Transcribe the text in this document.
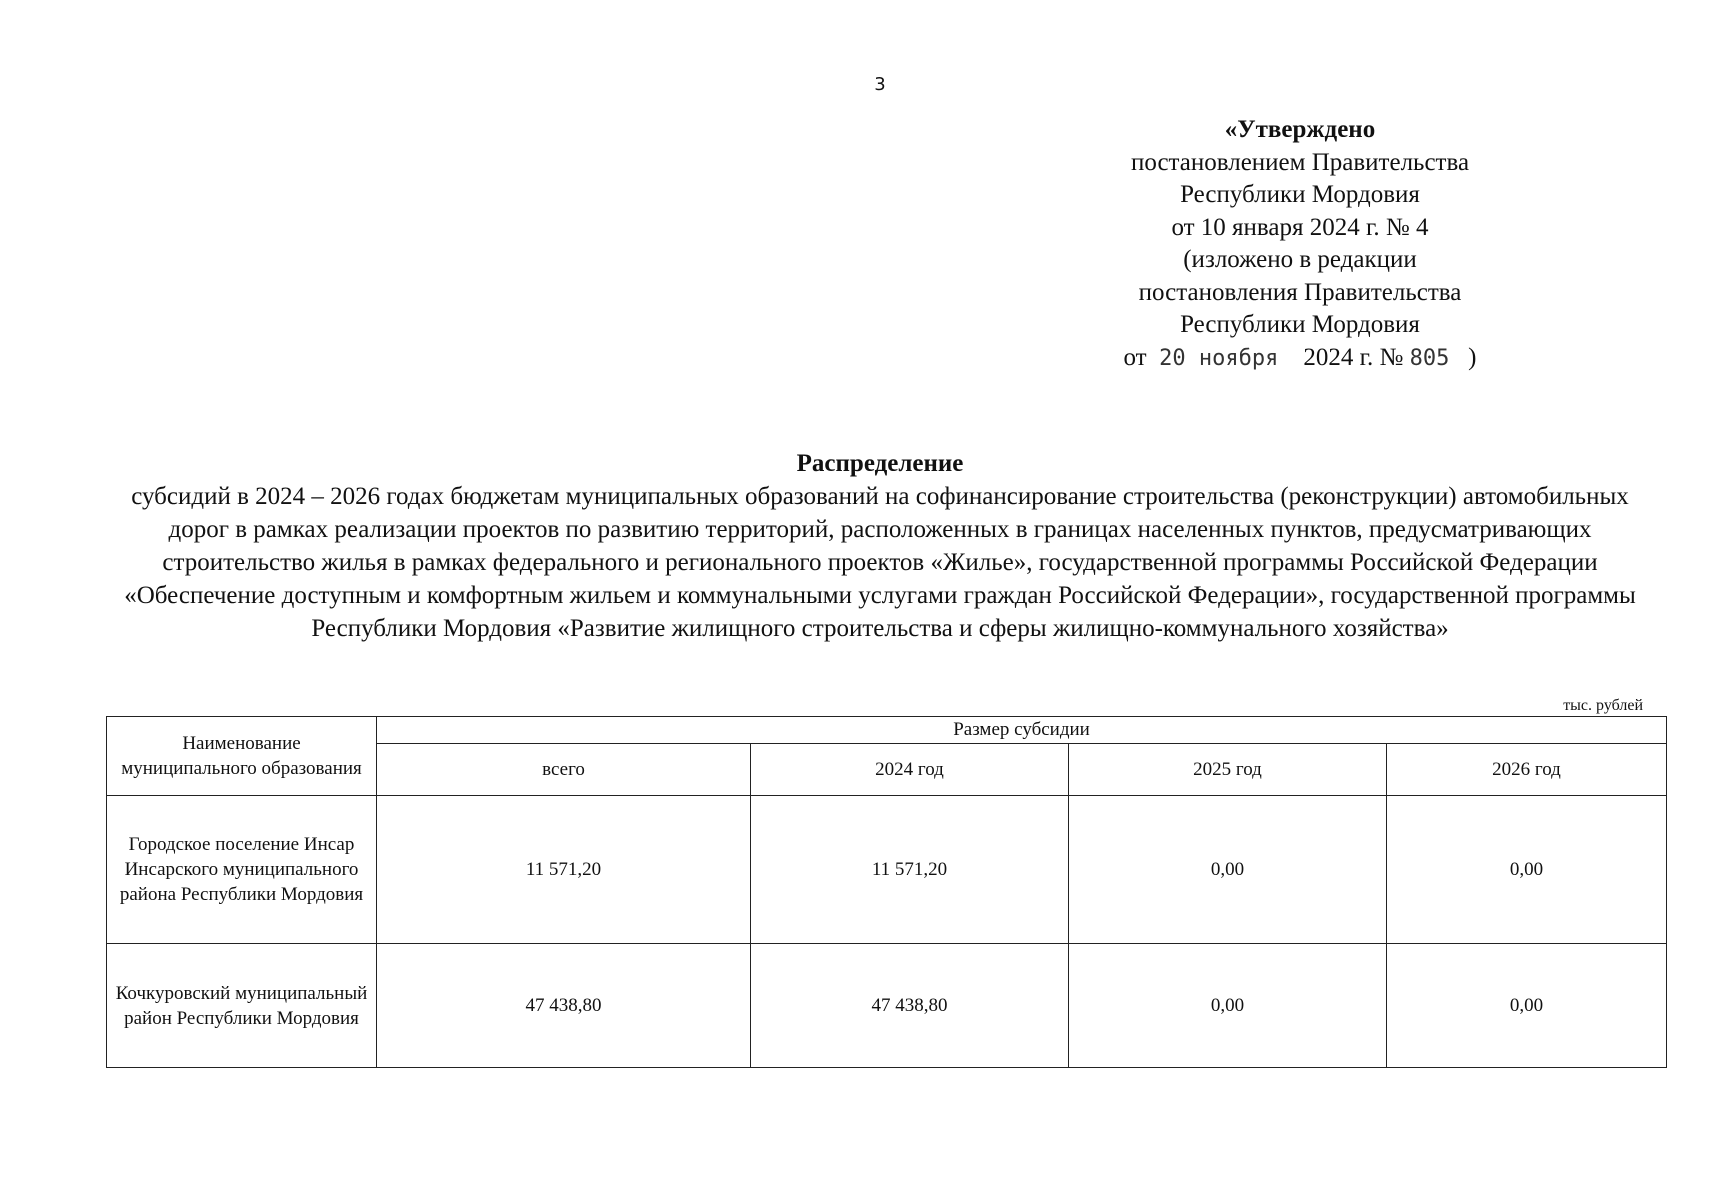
3
«Утверждено
постановлением Правительства
Республики Мордовия
от 10 января 2024 г. № 4
(изложено в редакции
постановления Правительства
Республики Мордовия
от 20 ноября 2024 г. № 805 )
Распределение
субсидий в 2024 – 2026 годах бюджетам муниципальных образований на софинансирование строительства (реконструкции) автомобильных дорог в рамках реализации проектов по развитию территорий, расположенных в границах населенных пунктов, предусматривающих строительство жилья в рамках федерального и регионального проектов «Жилье», государственной программы Российской Федерации «Обеспечение доступным и комфортным жильем и коммунальными услугами граждан Российской Федерации», государственной программы Республики Мордовия «Развитие жилищного строительства и сферы жилищно-коммунального хозяйства»
тыс. рублей
Наименование муниципального образования	Размер субсидии			
	всего	2024 год	2025 год	2026 год
Городское поселение Инсар Инсарского муниципального района Республики Мордовия	11 571,20	11 571,20	0,00	0,00
Кочкуровский муниципальный район Республики Мордовия	47 438,80	47 438,80	0,00	0,00
